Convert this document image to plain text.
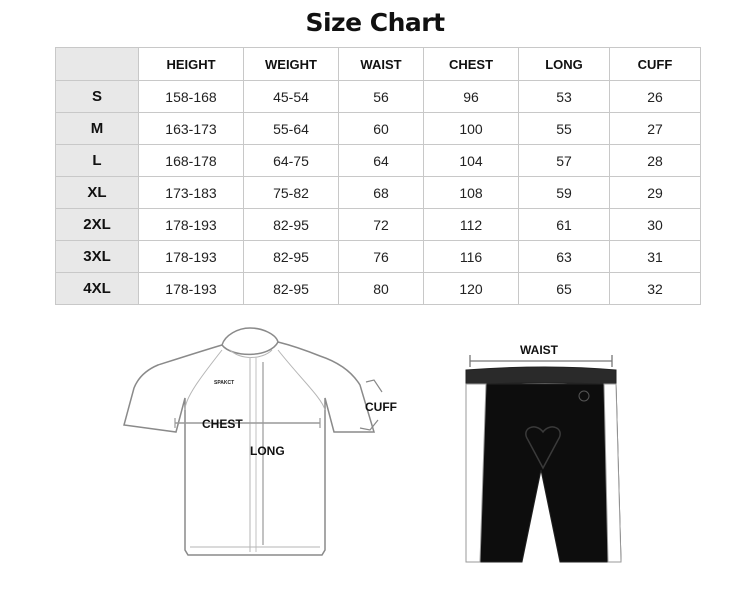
Size Chart
	HEIGHT	WEIGHT	WAIST	CHEST	LONG	CUFF
S	158-168	45-54	56	96	53	26
M	163-173	55-64	60	100	55	27
L	168-178	64-75	64	104	57	28
XL	173-183	75-82	68	108	59	29
2XL	178-193	82-95	72	112	61	30
3XL	178-193	82-95	76	116	63	31
4XL	178-193	82-95	80	120	65	32
SPAKCT
CHEST
LONG
CUFF
WAIST
